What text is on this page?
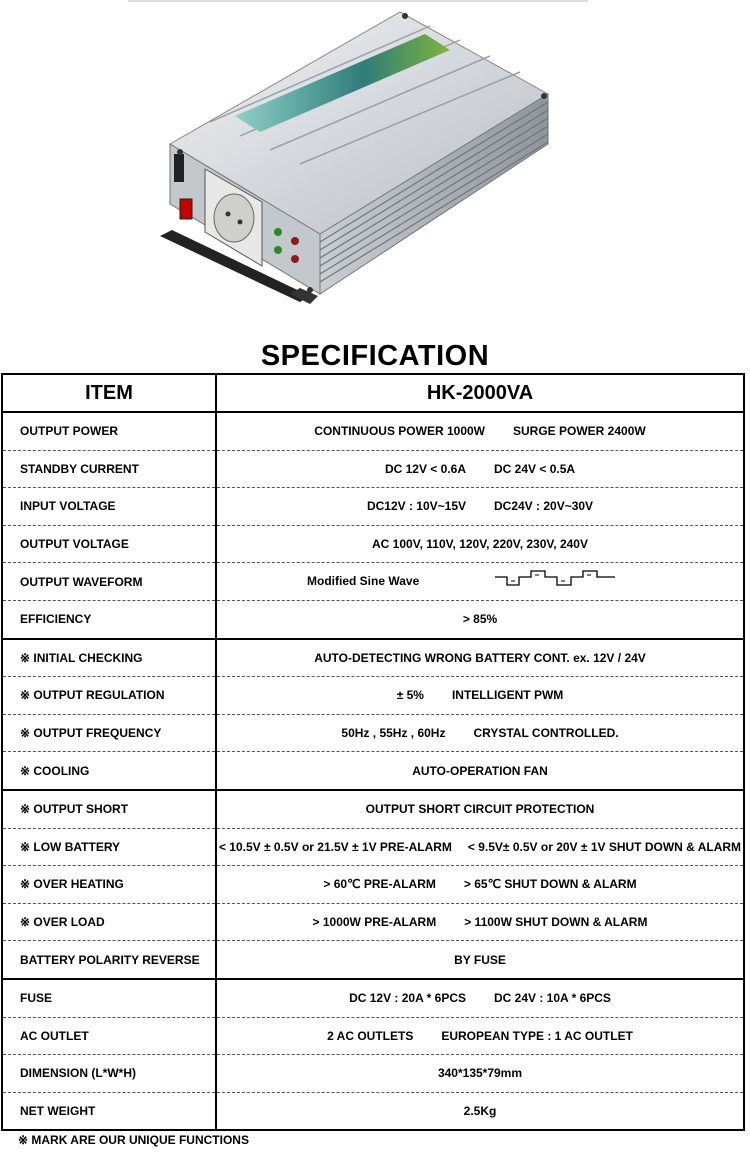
SPECIFICATION
ITEM	HK-2000VA
OUTPUT POWER	CONTINUOUS POWER 1000W SURGE POWER 2400W
STANDBY CURRENT	DC 12V < 0.6A DC 24V < 0.5A
INPUT VOLTAGE	DC12V : 10V~15V DC24V : 20V~30V
OUTPUT VOLTAGE	AC 100V, 110V, 120V, 220V, 230V, 240V
OUTPUT WAVEFORM	Modified Sine Wave

EFFICIENCY	> 85%
※ INITIAL CHECKING	AUTO-DETECTING WRONG BATTERY CONT. ex. 12V / 24V
※ OUTPUT REGULATION	± 5% INTELLIGENT PWM
※ OUTPUT FREQUENCY	50Hz , 55Hz , 60Hz CRYSTAL CONTROLLED.
※ COOLING	AUTO-OPERATION FAN
※ OUTPUT SHORT	OUTPUT SHORT CIRCUIT PROTECTION
※ LOW BATTERY	< 10.5V ± 0.5V or 21.5V ± 1V PRE-ALARM < 9.5V± 0.5V or 20V ± 1V SHUT DOWN & ALARM
※ OVER HEATING	> 60℃ PRE-ALARM > 65℃ SHUT DOWN & ALARM
※ OVER LOAD	> 1000W PRE-ALARM > 1100W SHUT DOWN & ALARM
BATTERY POLARITY REVERSE	BY FUSE
FUSE	DC 12V : 20A * 6PCS DC 24V : 10A * 6PCS
AC OUTLET	2 AC OUTLETS EUROPEAN TYPE : 1 AC OUTLET
DIMENSION (L*W*H)	340*135*79mm
NET WEIGHT	2.5Kg
※ MARK ARE OUR UNIQUE FUNCTIONS
